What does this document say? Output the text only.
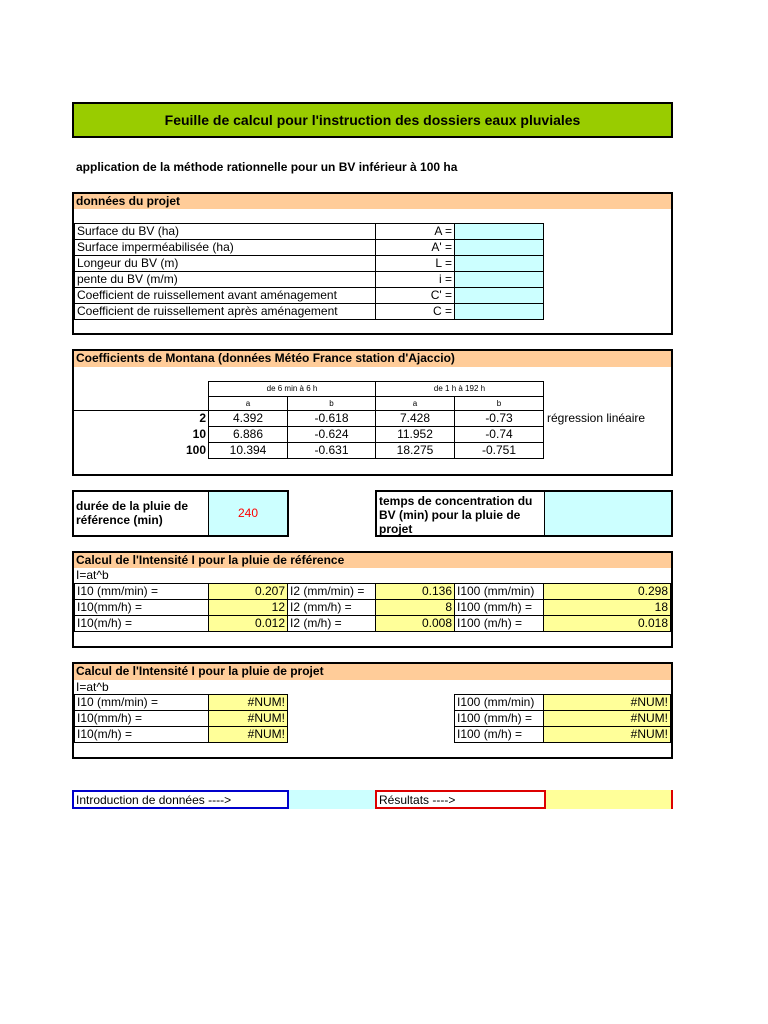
Feuille de calcul pour l'instruction des dossiers eaux pluviales
application de la méthode rationnelle pour un BV inférieur à 100 ha
données du projet
Surface du BV (ha)	A =
Surface imperméabilisée (ha)	A' =
Longeur du BV (m)	L =
pente du BV (m/m)	i =
Coefficient de ruissellement avant aménagement	C' =
Coefficient de ruissellement après aménagement	C =
Coefficients de Montana (données Météo France station d'Ajaccio)
de 6 min à 6 h	de 1 h à 192 h
a	b	a	b
2	4.392	-0.618	7.428	-0.73
10	6.886	-0.624	11.952	-0.74
100	10.394	-0.631	18.275	-0.751
régression linéaire
durée de la pluie de référence (min)	240
temps de concentration du BV (min) pour la pluie de projet
Calcul de l'Intensité I pour la pluie de référence
I=at^b
I10 (mm/min) =	0.207 I2 (mm/min) =	0.136 I100 (mm/min)	0.298
I10(mm/h) =	12 I2 (mm/h) =	8 I100 (mm/h) =	18
I10(m/h) =	0.012 I2 (m/h) =	0.008 I100 (m/h) =	0.018
Calcul de l'Intensité I pour la pluie de projet
I=at^b
I10 (mm/min) =	#NUM!	I100 (mm/min)	#NUM!
I10(mm/h) =	#NUM!	I100 (mm/h) =	#NUM!
I10(m/h) =	#NUM!	I100 (m/h) =	#NUM!
Introduction de données ---->	Résultats ---->
